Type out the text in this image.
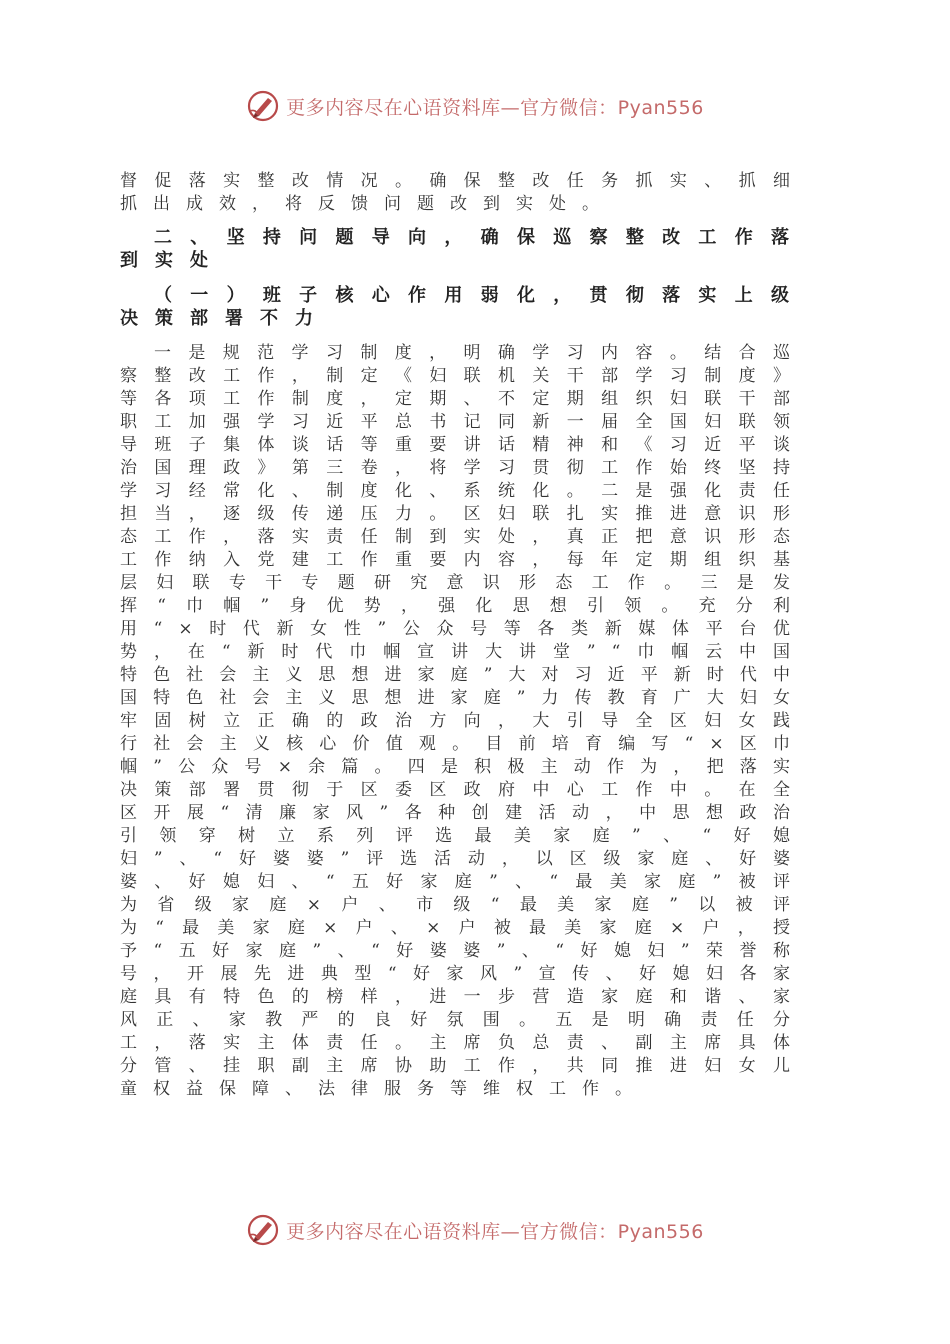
更多内容尽在心语资料库—官方微信：Pyan556

督促落实整改情况。确保整改任务抓实、抓细抓出成效，将反馈问题改到实处。

二、坚持问题导向，确保巡察整改工作落到实处
（一）班子核心作用弱化，贯彻落实上级决策部署不力

一是规范学习制度，明确学习内容。结合巡察整改工作，制定《妇联机关干部学习制度》等各项工作制度，定期、不定期组织妇联干部职工加强学习近平总书记同新一届全国妇联领导班子集体谈话等重要讲话精神和《习近平谈治国理政》第三卷，将学习贯彻工作始终坚持学习经常化、制度化、系统化。二是强化责任担当，逐级传递压力。区妇联扎实推进意识形态工作，落实责任制到实处，真正把意识形态工作纳入党建工作重要内容，每年定期组织基层妇联专干专题研究意识形态工作。三是发挥“巾帼”身优势，强化思想引领。充分利用“×时代新女性”公众号等各类新媒体平台优势，在“新时代巾帼宣讲大讲堂”“巾帼云中国特色社会主义思想进家庭”大对习近平新时代中国特色社会主义思想进家庭”力传教育广大妇女牢固树立正确的政治方向，大引导全区妇女践行社会主义核心价值观。目前培育编写“×区巾帼”公众号×余篇。四是积极主动作为，把落实决策部署贯彻于区委区政府中心工作中。在全区开展“清廉家风”各种创建活动，中思想政治引领穿树立系列评选最美家庭”、“好媳妇”、“好婆婆”评选活动，以区级家庭、好婆婆、好媳妇、“五好家庭”、“最美家庭”被评为省级家庭×户、市级“最美家庭”以被评为“最美家庭×户、×户被最美家庭×户，授予“五好家庭”、“好婆婆”、“好媳妇”荣誉称号，开展先进典型“好家风”宣传、好媳妇各家庭具有特色的榜样，进一步营造家庭和谐、家风正、家教严的良好氛围。五是明确责任分工，落实主体责任。主席负总责、副主席具体分管、挂职副主席协助工作，共同推进妇女儿童权益保障、法律服务等维权工作。

更多内容尽在心语资料库—官方微信：Pyan556
